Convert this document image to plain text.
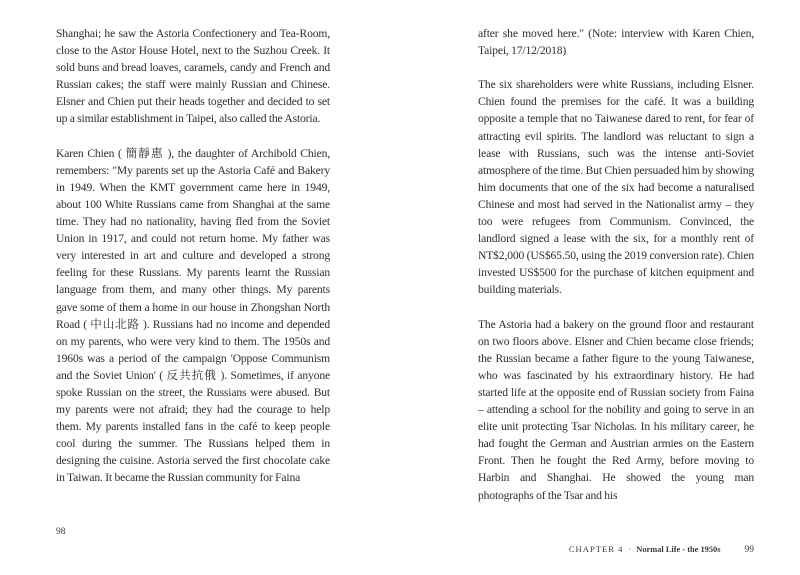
Shanghai; he saw the Astoria Confectionery and Tea-Room, close to the Astor House Hotel, next to the Suzhou Creek. It sold buns and bread loaves, caramels, candy and French and Russian cakes; the staff were mainly Russian and Chinese. Elsner and Chien put their heads together and decided to set up a similar establishment in Taipei, also called the Astoria.

Karen Chien ( 簡靜惠 ), the daughter of Archibold Chien, remembers: "My parents set up the Astoria Café and Bakery in 1949. When the KMT government came here in 1949, about 100 White Russians came from Shanghai at the same time. They had no nationality, having fled from the Soviet Union in 1917, and could not return home. My father was very interested in art and culture and developed a strong feeling for these Russians. My parents learnt the Russian language from them, and many other things. My parents gave some of them a home in our house in Zhongshan North Road ( 中山北路 ). Russians had no income and depended on my parents, who were very kind to them. The 1950s and 1960s was a period of the campaign 'Oppose Communism and the Soviet Union' ( 反共抗俄 ). Sometimes, if anyone spoke Russian on the street, the Russians were abused. But my parents were not afraid; they had the courage to help them. My parents installed fans in the café to keep people cool during the summer. The Russians helped them in designing the cuisine. Astoria served the first chocolate cake in Taiwan. It became the Russian community for Faina

98

after she moved here." (Note: interview with Karen Chien, Taipei, 17/12/2018)

The six shareholders were white Russians, including Elsner. Chien found the premises for the café. It was a building opposite a temple that no Taiwanese dared to rent, for fear of attracting evil spirits. The landlord was reluctant to sign a lease with Russians, such was the intense anti-Soviet atmosphere of the time. But Chien persuaded him by showing him documents that one of the six had become a naturalised Chinese and most had served in the Nationalist army – they too were refugees from Communism. Convinced, the landlord signed a lease with the six, for a monthly rent of NT$2,000 (US$65.50, using the 2019 conversion rate). Chien invested US$500 for the purchase of kitchen equipment and building materials.

The Astoria had a bakery on the ground floor and restaurant on two floors above. Elsner and Chien became close friends; the Russian became a father figure to the young Taiwanese, who was fascinated by his extraordinary history. He had started life at the opposite end of Russian society from Faina – attending a school for the nobility and going to serve in an elite unit protecting Tsar Nicholas. In his military career, he had fought the German and Austrian armies on the Eastern Front. Then he fought the Red Army, before moving to Harbin and Shanghai. He showed the young man photographs of the Tsar and his

CHAPTER 4 · Normal Life - the 1950s	99
